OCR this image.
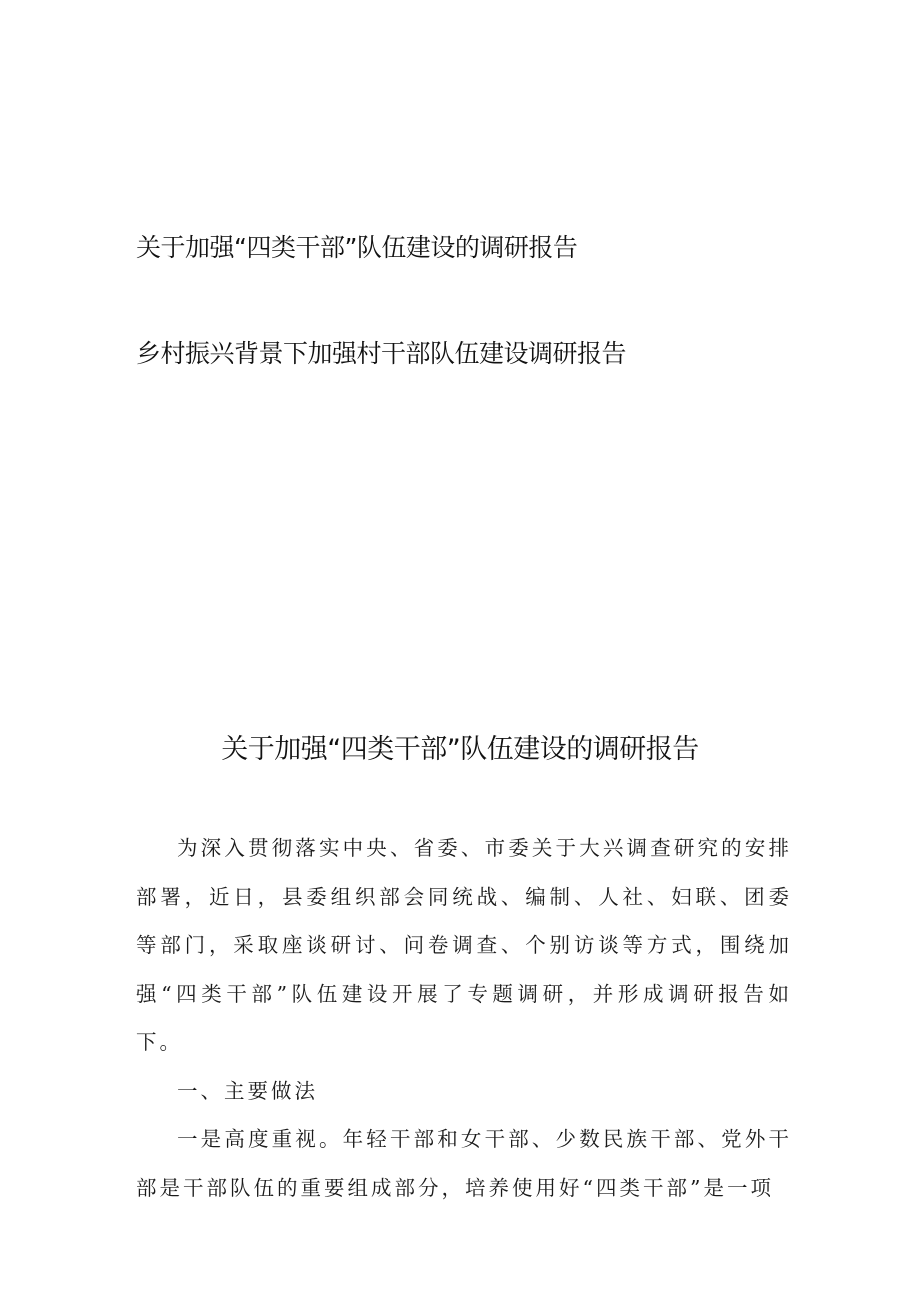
关于加强“四类干部”队伍建设的调研报告
乡村振兴背景下加强村干部队伍建设调研报告
关于加强“四类干部”队伍建设的调研报告

为深入贯彻落实中央、省委、市委关于大兴调查研究的安排部署，近日，县委组织部会同统战、编制、人社、妇联、团委等部门，采取座谈研讨、问卷调查、个别访谈等方式，围绕加强“四类干部”队伍建设开展了专题调研，并形成调研报告如下。

一、主要做法

一是高度重视。年轻干部和女干部、少数民族干部、党外干部是干部队伍的重要组成部分，培养使用好“四类干部”是一项
